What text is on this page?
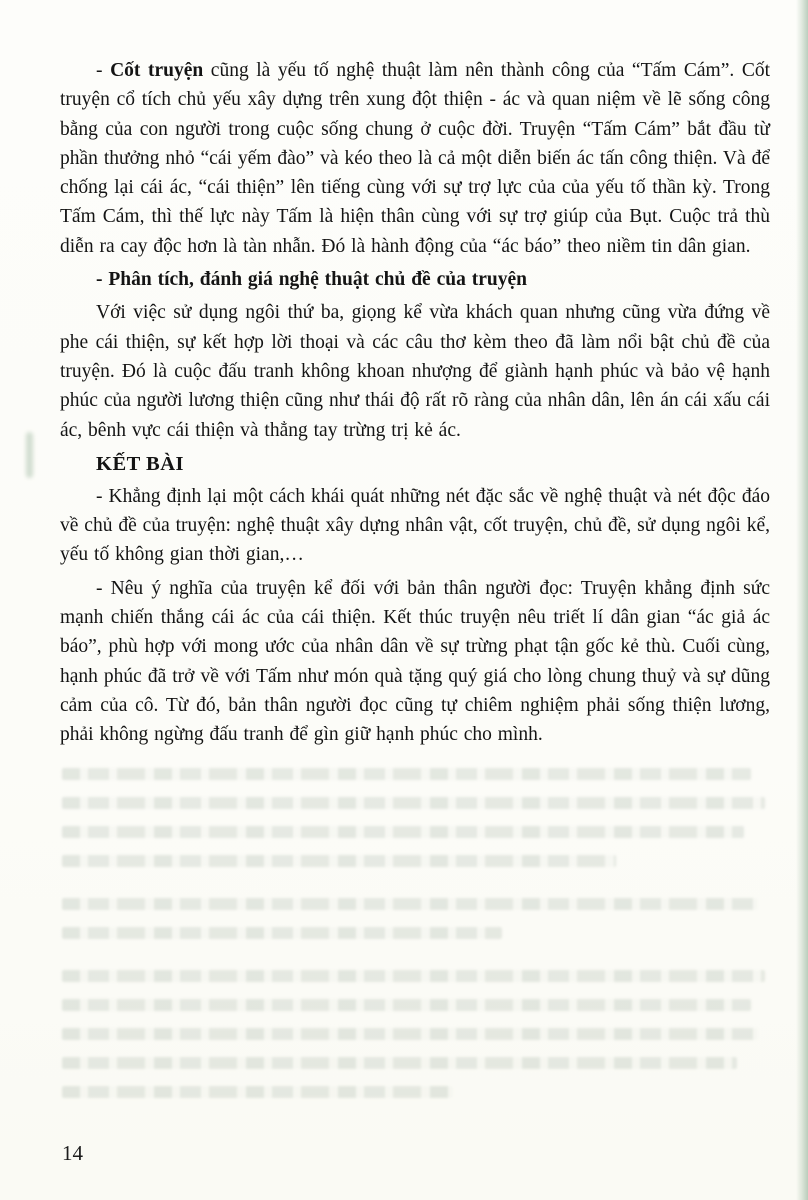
- Cốt truyện cũng là yếu tố nghệ thuật làm nên thành công của “Tấm Cám”. Cốt truyện cổ tích chủ yếu xây dựng trên xung đột thiện - ác và quan niệm về lẽ sống công bằng của con người trong cuộc sống chung ở cuộc đời. Truyện “Tấm Cám” bắt đầu từ phần thưởng nhỏ “cái yếm đào” và kéo theo là cả một diễn biến ác tấn công thiện. Và để chống lại cái ác, “cái thiện” lên tiếng cùng với sự trợ lực của của yếu tố thần kỳ. Trong Tấm Cám, thì thế lực này Tấm là hiện thân cùng với sự trợ giúp của Bụt. Cuộc trả thù diễn ra cay độc hơn là tàn nhẫn. Đó là hành động của “ác báo” theo niềm tin dân gian.

- Phân tích, đánh giá nghệ thuật chủ đề của truyện

Với việc sử dụng ngôi thứ ba, giọng kể vừa khách quan nhưng cũng vừa đứng về phe cái thiện, sự kết hợp lời thoại và các câu thơ kèm theo đã làm nổi bật chủ đề của truyện. Đó là cuộc đấu tranh không khoan nhượng để giành hạnh phúc và bảo vệ hạnh phúc của người lương thiện cũng như thái độ rất rõ ràng của nhân dân, lên án cái xấu cái ác, bênh vực cái thiện và thẳng tay trừng trị kẻ ác.

KẾT BÀI

- Khẳng định lại một cách khái quát những nét đặc sắc về nghệ thuật và nét độc đáo về chủ đề của truyện: nghệ thuật xây dựng nhân vật, cốt truyện, chủ đề, sử dụng ngôi kể, yếu tố không gian thời gian,…

- Nêu ý nghĩa của truyện kể đối với bản thân người đọc: Truyện khẳng định sức mạnh chiến thắng cái ác của cái thiện. Kết thúc truyện nêu triết lí dân gian “ác giả ác báo”, phù hợp với mong ước của nhân dân về sự trừng phạt tận gốc kẻ thù. Cuối cùng, hạnh phúc đã trở về với Tấm như món quà tặng quý giá cho lòng chung thuỷ và sự dũng cảm của cô. Từ đó, bản thân người đọc cũng tự chiêm nghiệm phải sống thiện lương, phải không ngừng đấu tranh để gìn giữ hạnh phúc cho mình.

14
